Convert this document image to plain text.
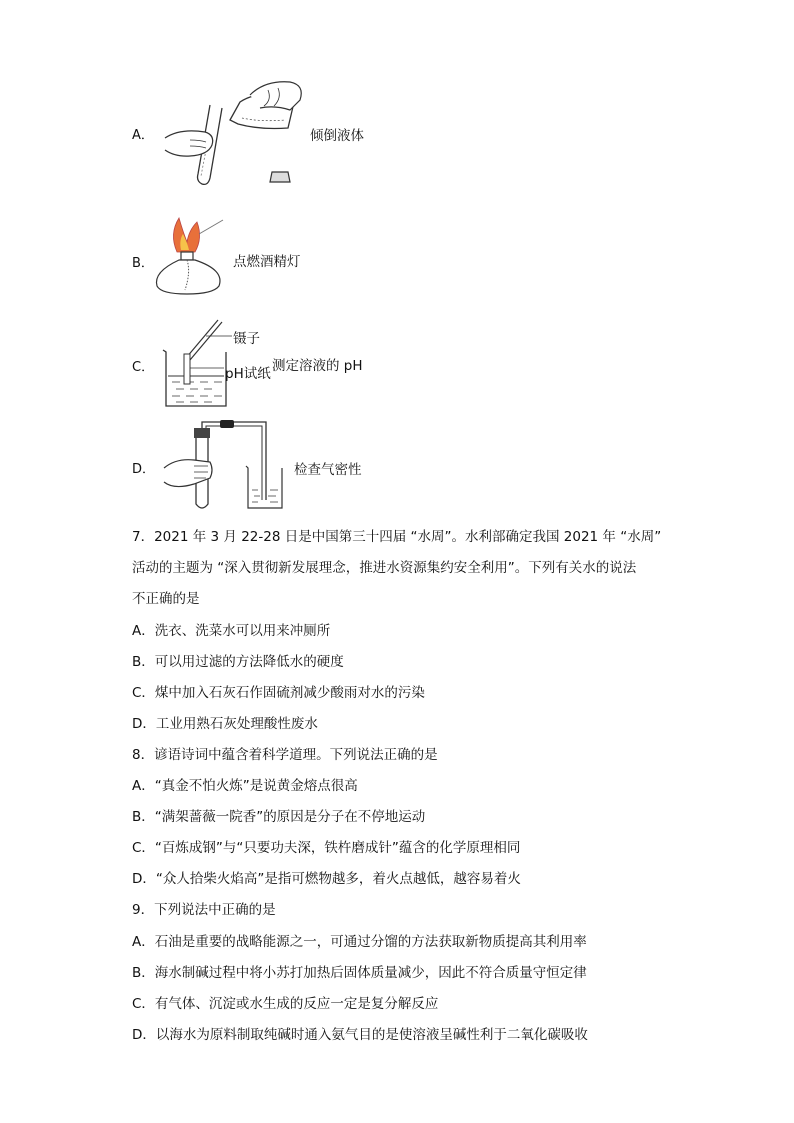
A．	倾倒液体
B．	点燃酒精灯
C．
镊子
pH试纸 测定溶液的 pH
D．	检查气密性
7．2021 年 3 月 22-28 日是中国第三十四届 “水周”。水利部确定我国 2021 年 “水周”
活动的主题为 “深入贯彻新发展理念，推进水资源集约安全利用”。下列有关水的说法
不正确的是
A．洗衣、洗菜水可以用来冲厕所
B．可以用过滤的方法降低水的硬度
C．煤中加入石灰石作固硫剂减少酸雨对水的污染
D．工业用熟石灰处理酸性废水
8．谚语诗词中蕴含着科学道理。下列说法正确的是
A．“真金不怕火炼”是说黄金熔点很高
B．“满架蔷薇一院香”的原因是分子在不停地运动
C．“百炼成钢”与“只要功夫深，铁杵磨成针”蕴含的化学原理相同
D．“众人拾柴火焰高”是指可燃物越多，着火点越低，越容易着火
9．下列说法中正确的是
A．石油是重要的战略能源之一，可通过分馏的方法获取新物质提高其利用率
B．海水制碱过程中将小苏打加热后固体质量减少，因此不符合质量守恒定律
C．有气体、沉淀或水生成的反应一定是复分解反应
D．以海水为原料制取纯碱时通入氨气目的是使溶液呈碱性利于二氧化碳吸收
